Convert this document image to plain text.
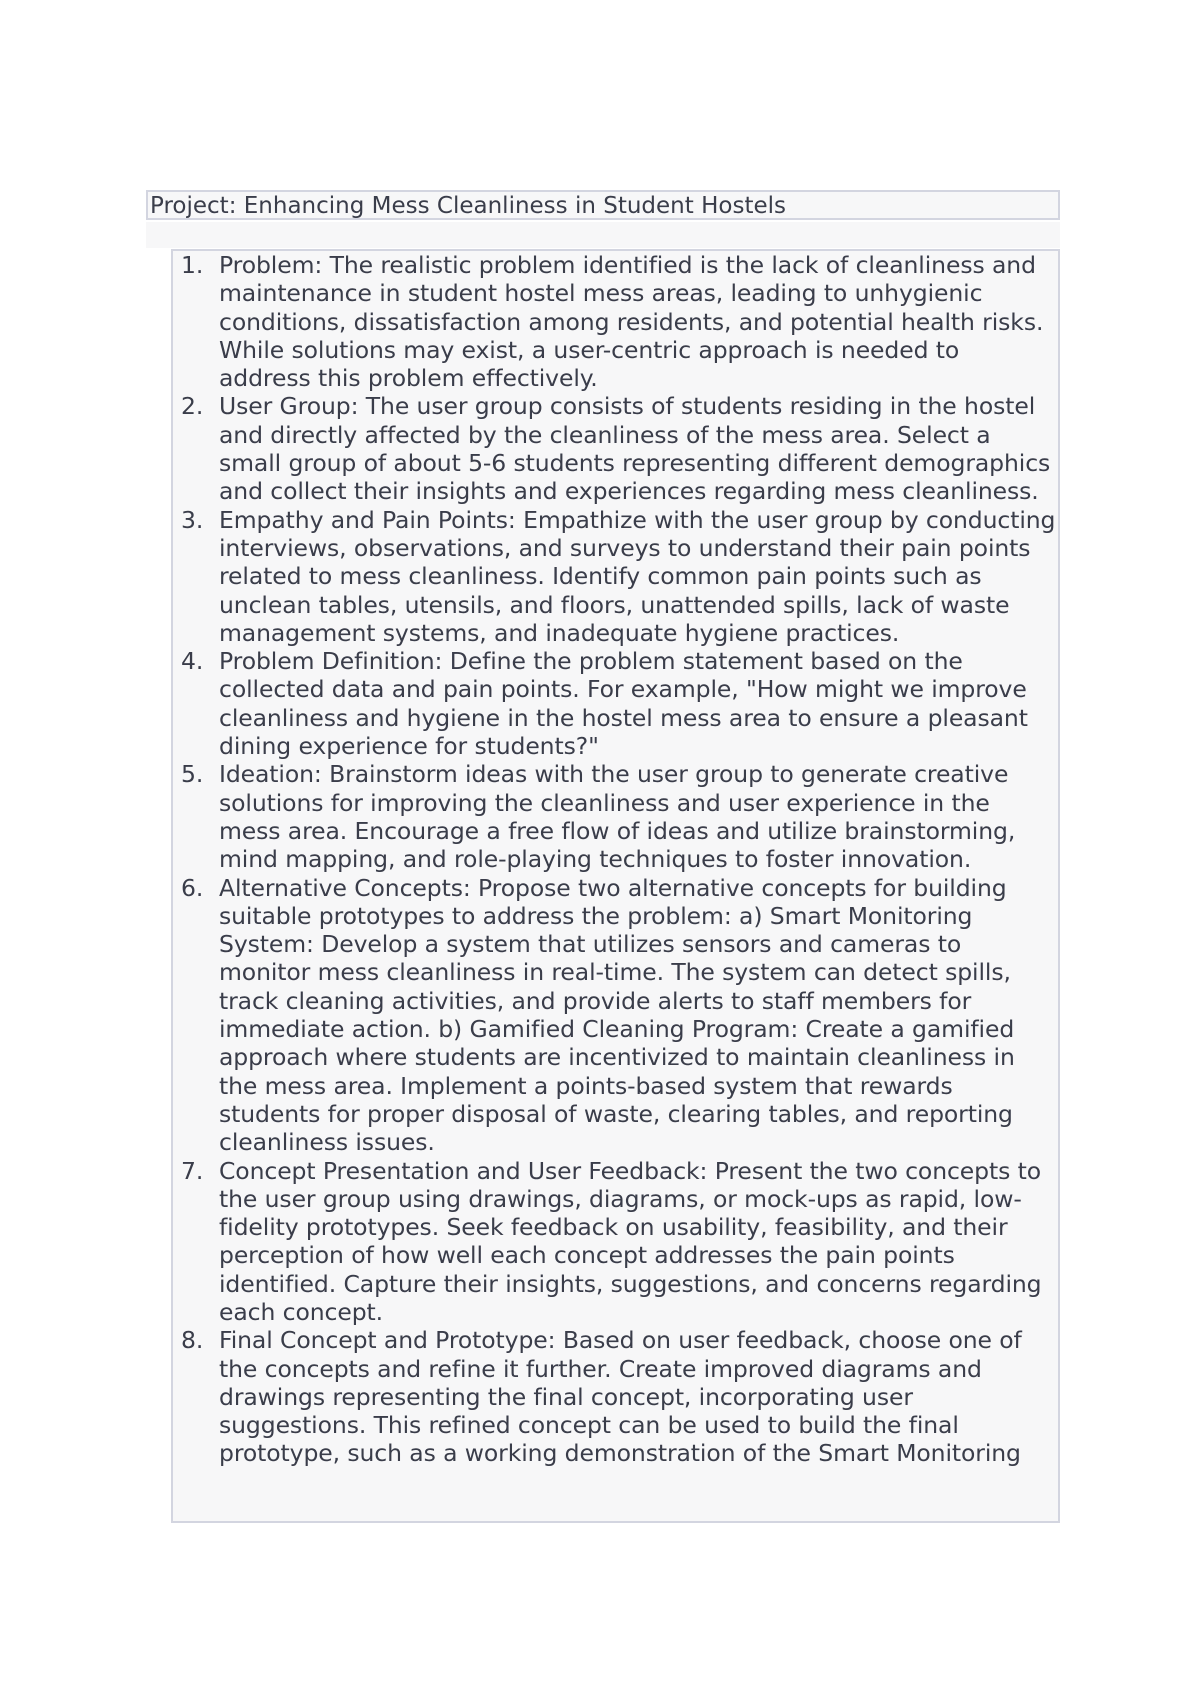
Project: Enhancing Mess Cleanliness in Student Hostels
1. Problem: The realistic problem identified is the lack of cleanliness and maintenance in student hostel mess areas, leading to unhygienic conditions, dissatisfaction among residents, and potential health risks. While solutions may exist, a user-centric approach is needed to address this problem effectively.
2. User Group: The user group consists of students residing in the hostel and directly affected by the cleanliness of the mess area. Select a small group of about 5-6 students representing different demographics and collect their insights and experiences regarding mess cleanliness.
3. Empathy and Pain Points: Empathize with the user group by conducting interviews, observations, and surveys to understand their pain points related to mess cleanliness. Identify common pain points such as unclean tables, utensils, and floors, unattended spills, lack of waste management systems, and inadequate hygiene practices.
4. Problem Definition: Define the problem statement based on the collected data and pain points. For example, "How might we improve cleanliness and hygiene in the hostel mess area to ensure a pleasant dining experience for students?"
5. Ideation: Brainstorm ideas with the user group to generate creative solutions for improving the cleanliness and user experience in the mess area. Encourage a free flow of ideas and utilize brainstorming, mind mapping, and role-playing techniques to foster innovation.
6. Alternative Concepts: Propose two alternative concepts for building suitable prototypes to address the problem: a) Smart Monitoring System: Develop a system that utilizes sensors and cameras to monitor mess cleanliness in real-time. The system can detect spills, track cleaning activities, and provide alerts to staff members for immediate action. b) Gamified Cleaning Program: Create a gamified approach where students are incentivized to maintain cleanliness in the mess area. Implement a points-based system that rewards students for proper disposal of waste, clearing tables, and reporting cleanliness issues.
7. Concept Presentation and User Feedback: Present the two concepts to the user group using drawings, diagrams, or mock-ups as rapid, low-fidelity prototypes. Seek feedback on usability, feasibility, and their perception of how well each concept addresses the pain points identified. Capture their insights, suggestions, and concerns regarding each concept.
8. Final Concept and Prototype: Based on user feedback, choose one of the concepts and refine it further. Create improved diagrams and drawings representing the final concept, incorporating user suggestions. This refined concept can be used to build the final prototype, such as a working demonstration of the Smart Monitoring
